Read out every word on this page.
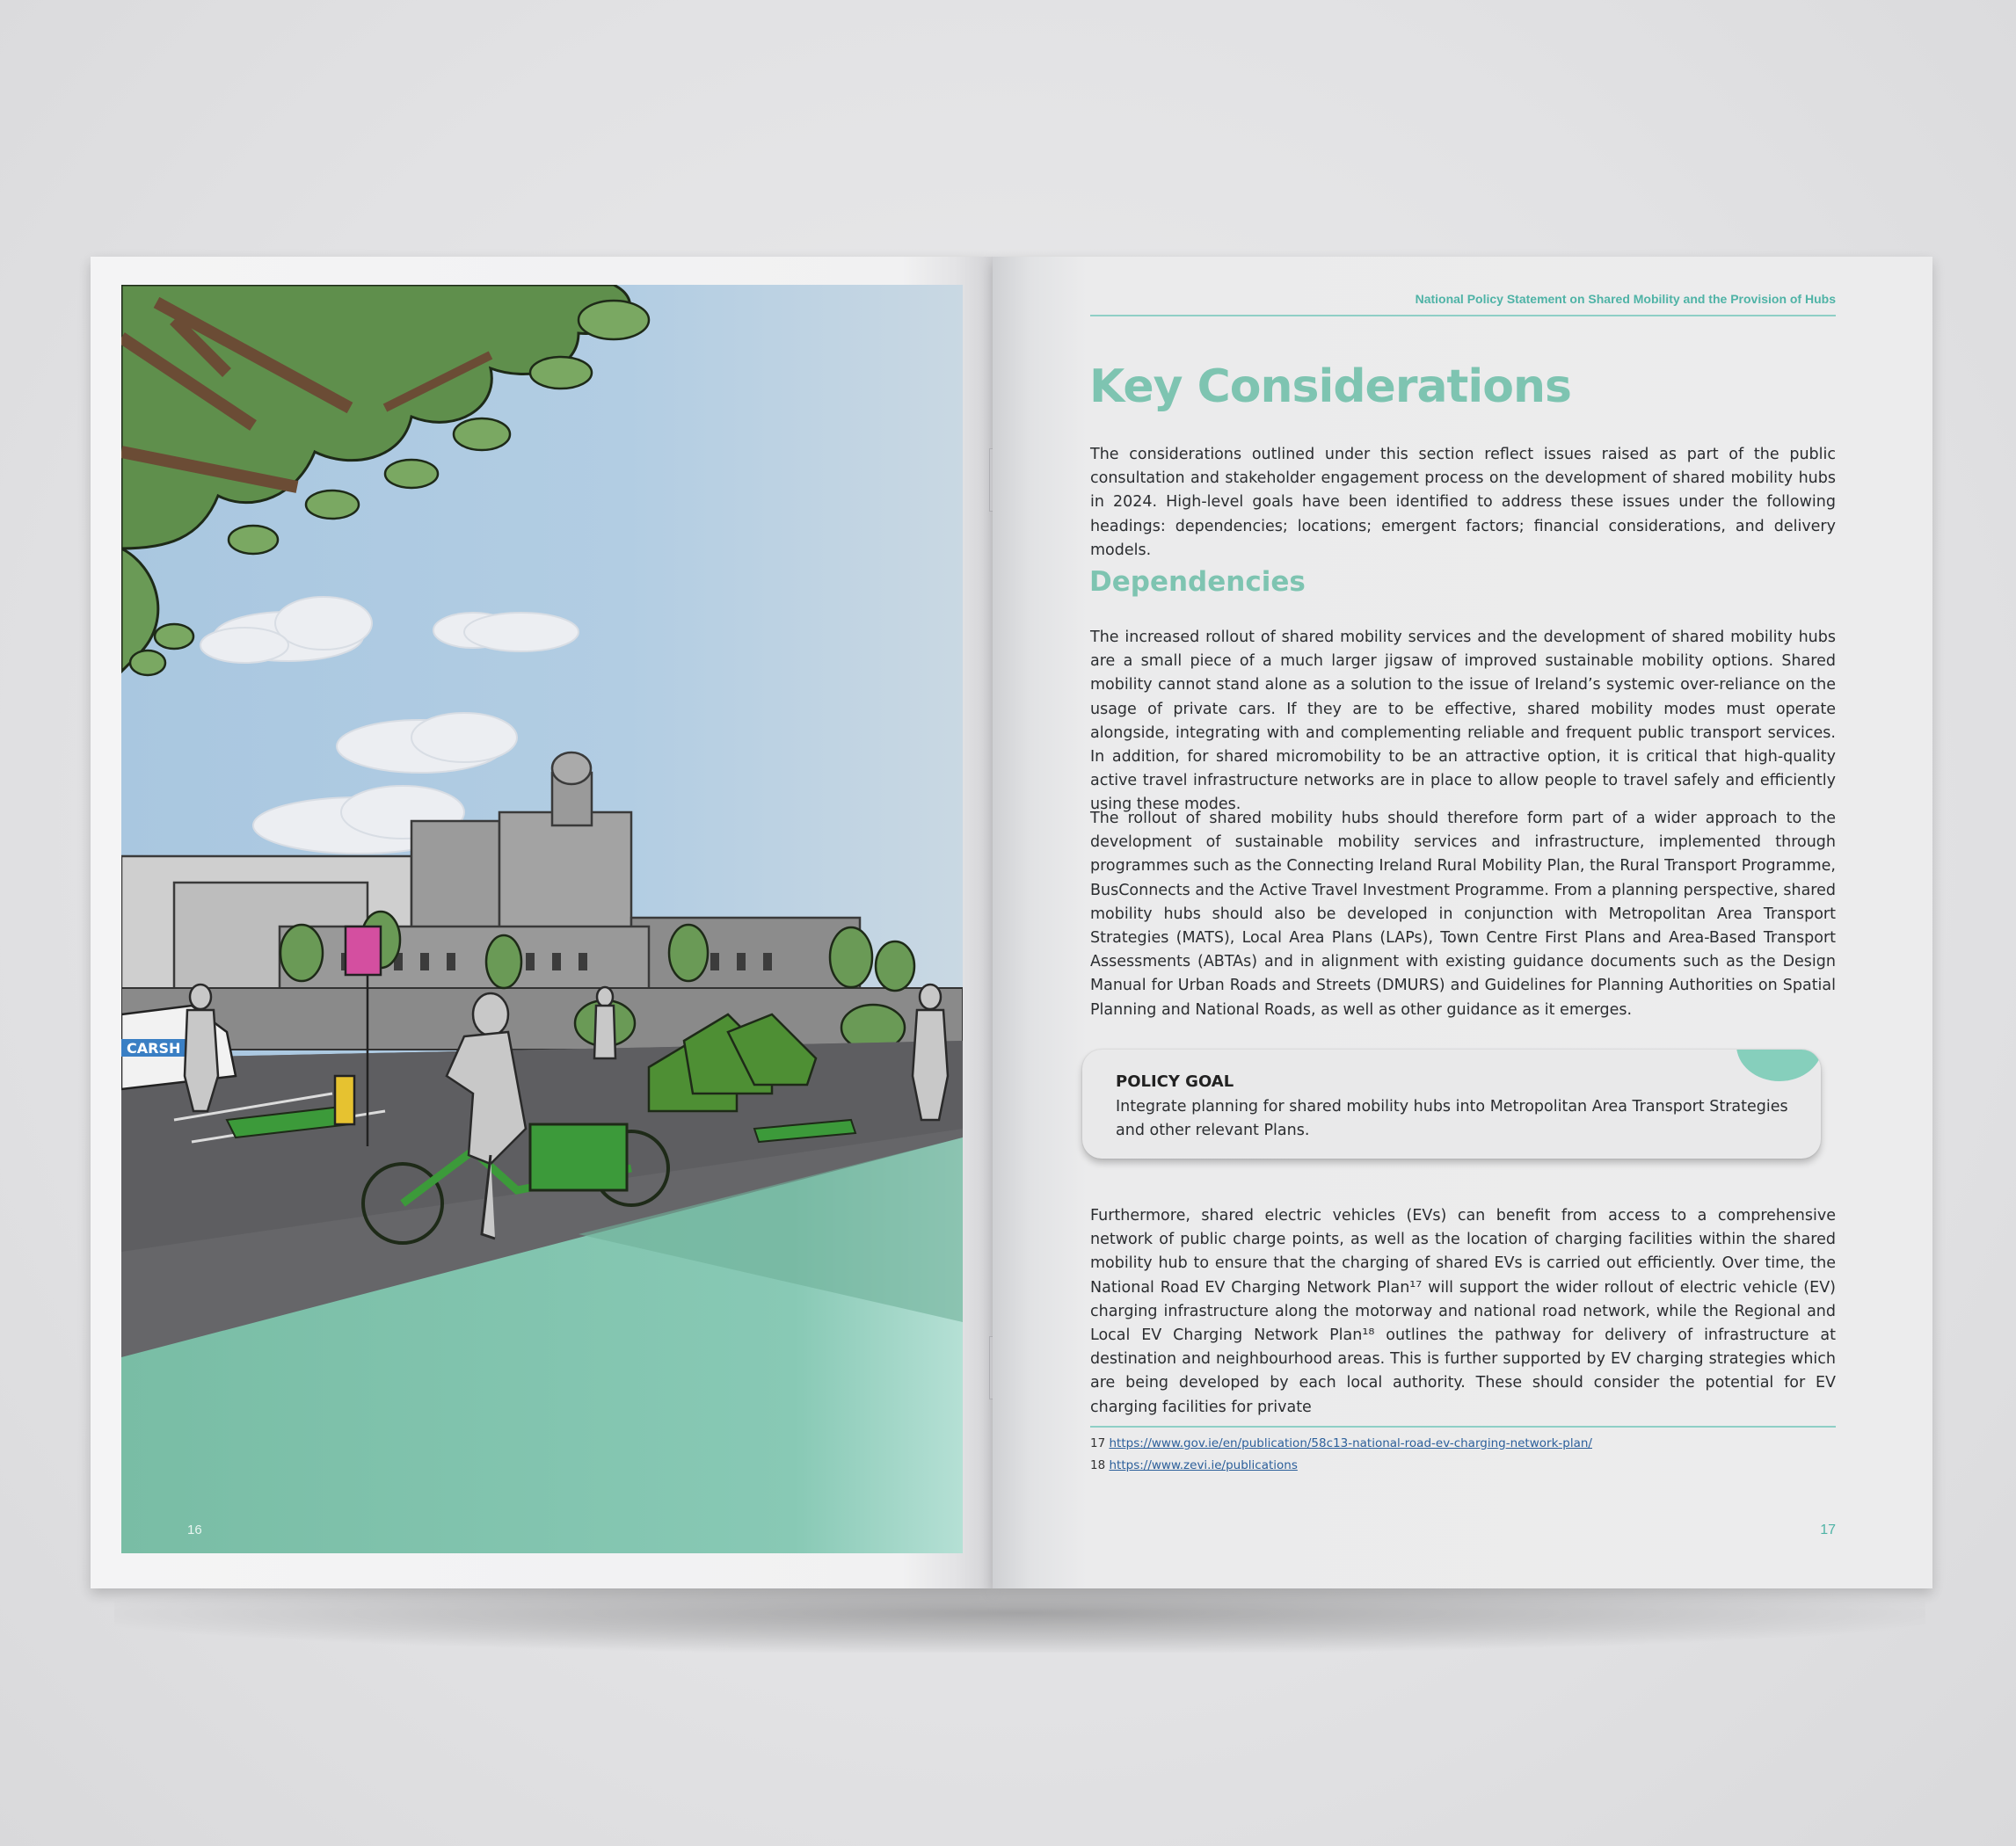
CARSH
16
National Policy Statement on Shared Mobility and the Provision of Hubs
Key Considerations

The considerations outlined under this section reflect issues raised as part of the public consultation and stakeholder engagement process on the development of shared mobility hubs in 2024. High-level goals have been identified to address these issues under the following headings: dependencies; locations; emergent factors; financial considerations, and delivery models.

Dependencies

The increased rollout of shared mobility services and the development of shared mobility hubs are a small piece of a much larger jigsaw of improved sustainable mobility options. Shared mobility cannot stand alone as a solution to the issue of Ireland’s systemic over-reliance on the usage of private cars. If they are to be effective, shared mobility modes must operate alongside, integrating with and complementing reliable and frequent public transport services. In addition, for shared micromobility to be an attractive option, it is critical that high-quality active travel infrastructure networks are in place to allow people to travel safely and efficiently using these modes.

The rollout of shared mobility hubs should therefore form part of a wider approach to the development of sustainable mobility services and infrastructure, implemented through programmes such as the Connecting Ireland Rural Mobility Plan, the Rural Transport Programme, BusConnects and the Active Travel Investment Programme. From a planning perspective, shared mobility hubs should also be developed in conjunction with Metropolitan Area Transport Strategies (MATS), Local Area Plans (LAPs), Town Centre First Plans and Area-Based Transport Assessments (ABTAs) and in alignment with existing guidance documents such as the Design Manual for Urban Roads and Streets (DMURS) and Guidelines for Planning Authorities on Spatial Planning and National Roads, as well as other guidance as it emerges.

POLICY GOAL
Integrate planning for shared mobility hubs into Metropolitan Area Transport Strategies and other relevant Plans.

Furthermore, shared electric vehicles (EVs) can benefit from access to a comprehensive network of public charge points, as well as the location of charging facilities within the shared mobility hub to ensure that the charging of shared EVs is carried out efficiently. Over time, the National Road EV Charging Network Plan¹⁷ will support the wider rollout of electric vehicle (EV) charging infrastructure along the motorway and national road network, while the Regional and Local EV Charging Network Plan¹⁸ outlines the pathway for delivery of infrastructure at destination and neighbourhood areas. This is further supported by EV charging strategies which are being developed by each local authority. These should consider the potential for EV charging facilities for private

17 https://www.gov.ie/en/publication/58c13-national-road-ev-charging-network-plan/
18 https://www.zevi.ie/publications
17
